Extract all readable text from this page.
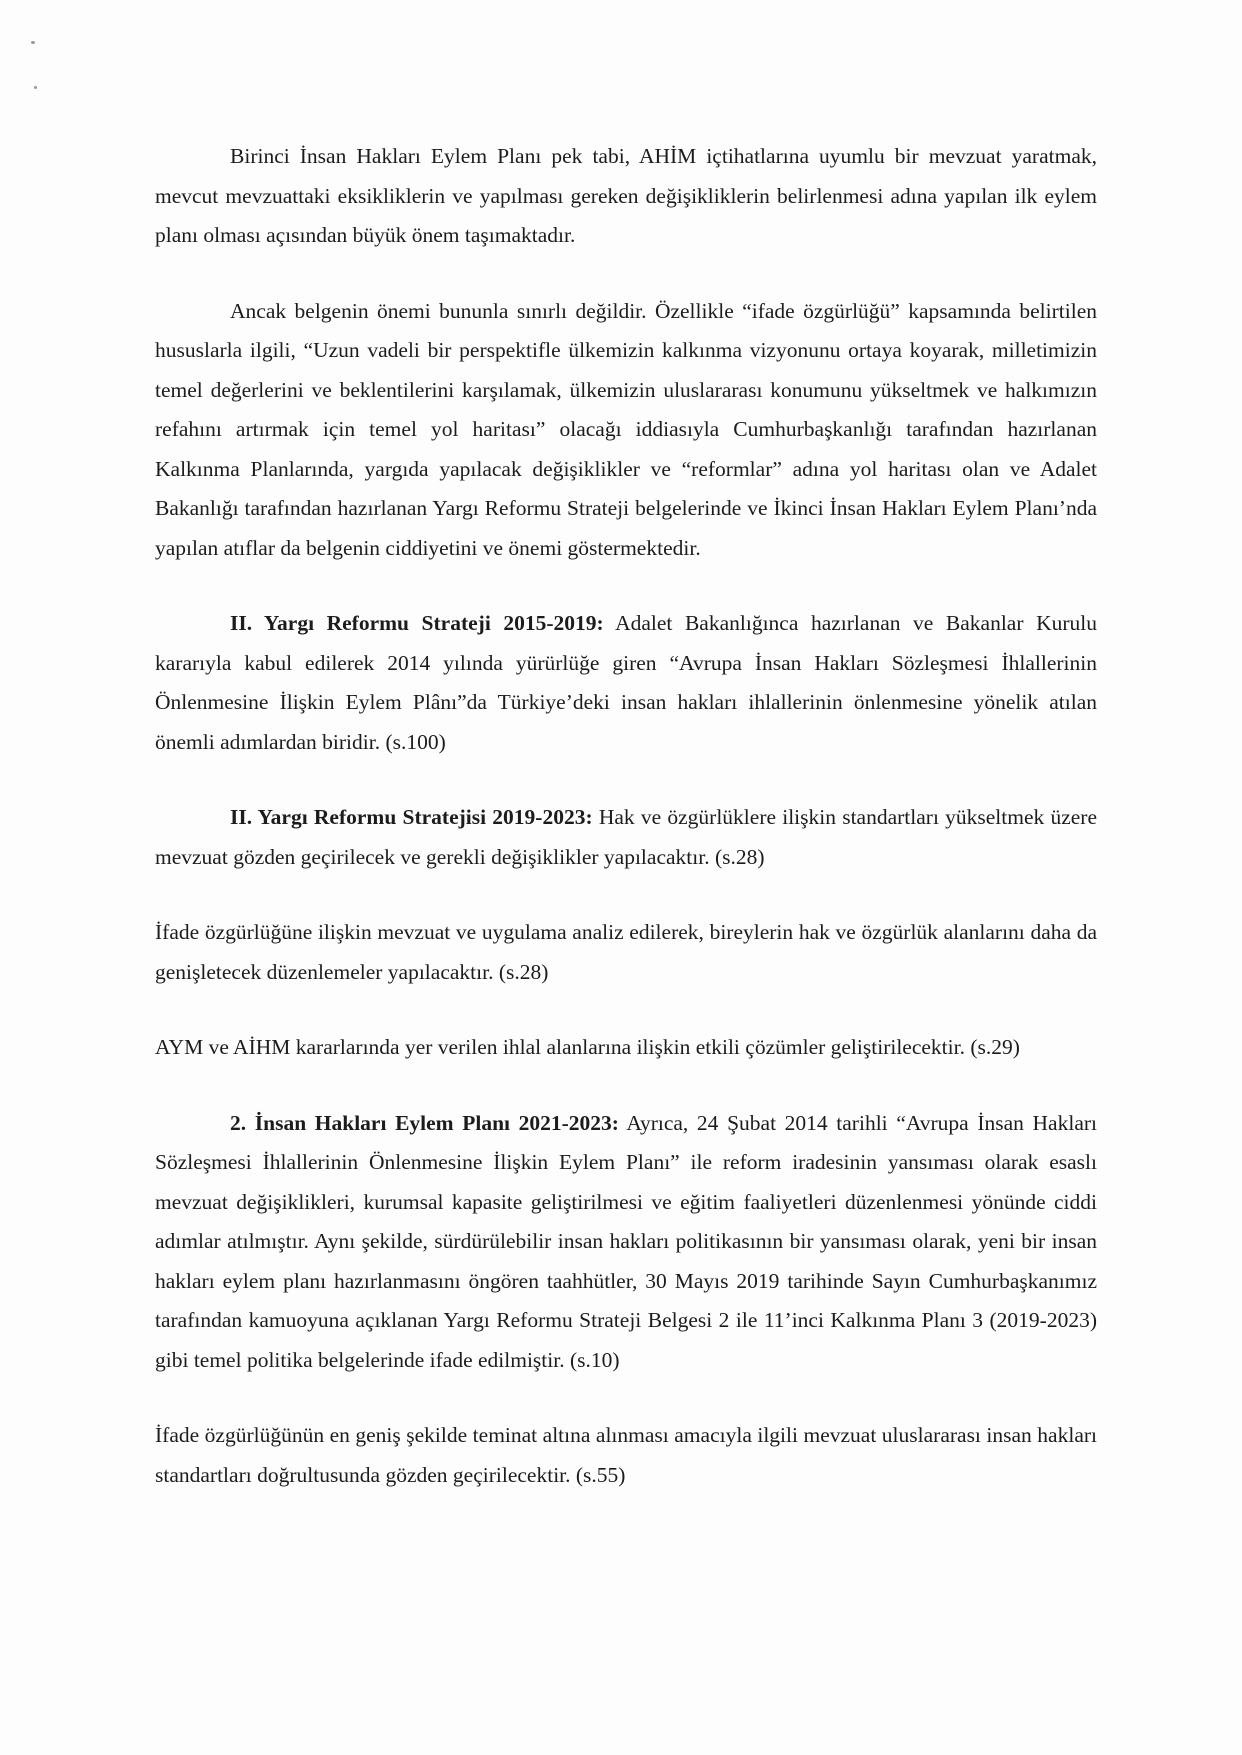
Birinci İnsan Hakları Eylem Planı pek tabi, AHİM içtihatlarına uyumlu bir mevzuat yaratmak, mevcut mevzuattaki eksikliklerin ve yapılması gereken değişikliklerin belirlenmesi adına yapılan ilk eylem planı olması açısından büyük önem taşımaktadır.

Ancak belgenin önemi bununla sınırlı değildir. Özellikle “ifade özgürlüğü” kapsamında belirtilen hususlarla ilgili, “Uzun vadeli bir perspektifle ülkemizin kalkınma vizyonunu ortaya koyarak, milletimizin temel değerlerini ve beklentilerini karşılamak, ülkemizin uluslararası konumunu yükseltmek ve halkımızın refahını artırmak için temel yol haritası” olacağı iddiasıyla Cumhurbaşkanlığı tarafından hazırlanan Kalkınma Planlarında, yargıda yapılacak değişiklikler ve “reformlar” adına yol haritası olan ve Adalet Bakanlığı tarafından hazırlanan Yargı Reformu Strateji belgelerinde ve İkinci İnsan Hakları Eylem Planı’nda yapılan atıflar da belgenin ciddiyetini ve önemi göstermektedir.

II. Yargı Reformu Strateji 2015-2019: Adalet Bakanlığınca hazırlanan ve Bakanlar Kurulu kararıyla kabul edilerek 2014 yılında yürürlüğe giren “Avrupa İnsan Hakları Sözleşmesi İhlallerinin Önlenmesine İlişkin Eylem Plânı”da Türkiye’deki insan hakları ihlallerinin önlenmesine yönelik atılan önemli adımlardan biridir. (s.100)

II. Yargı Reformu Stratejisi 2019-2023: Hak ve özgürlüklere ilişkin standartları yükseltmek üzere mevzuat gözden geçirilecek ve gerekli değişiklikler yapılacaktır. (s.28)

İfade özgürlüğüne ilişkin mevzuat ve uygulama analiz edilerek, bireylerin hak ve özgürlük alanlarını daha da genişletecek düzenlemeler yapılacaktır. (s.28)

AYM ve AİHM kararlarında yer verilen ihlal alanlarına ilişkin etkili çözümler geliştirilecektir. (s.29)

2. İnsan Hakları Eylem Planı 2021-2023: Ayrıca, 24 Şubat 2014 tarihli “Avrupa İnsan Hakları Sözleşmesi İhlallerinin Önlenmesine İlişkin Eylem Planı” ile reform iradesinin yansıması olarak esaslı mevzuat değişiklikleri, kurumsal kapasite geliştirilmesi ve eğitim faaliyetleri düzenlenmesi yönünde ciddi adımlar atılmıştır. Aynı şekilde, sürdürülebilir insan hakları politikasının bir yansıması olarak, yeni bir insan hakları eylem planı hazırlanmasını öngören taahhütler, 30 Mayıs 2019 tarihinde Sayın Cumhurbaşkanımız tarafından kamuoyuna açıklanan Yargı Reformu Strateji Belgesi 2 ile 11’inci Kalkınma Planı 3 (2019-2023) gibi temel politika belgelerinde ifade edilmiştir. (s.10)

İfade özgürlüğünün en geniş şekilde teminat altına alınması amacıyla ilgili mevzuat uluslararası insan hakları standartları doğrultusunda gözden geçirilecektir. (s.55)
